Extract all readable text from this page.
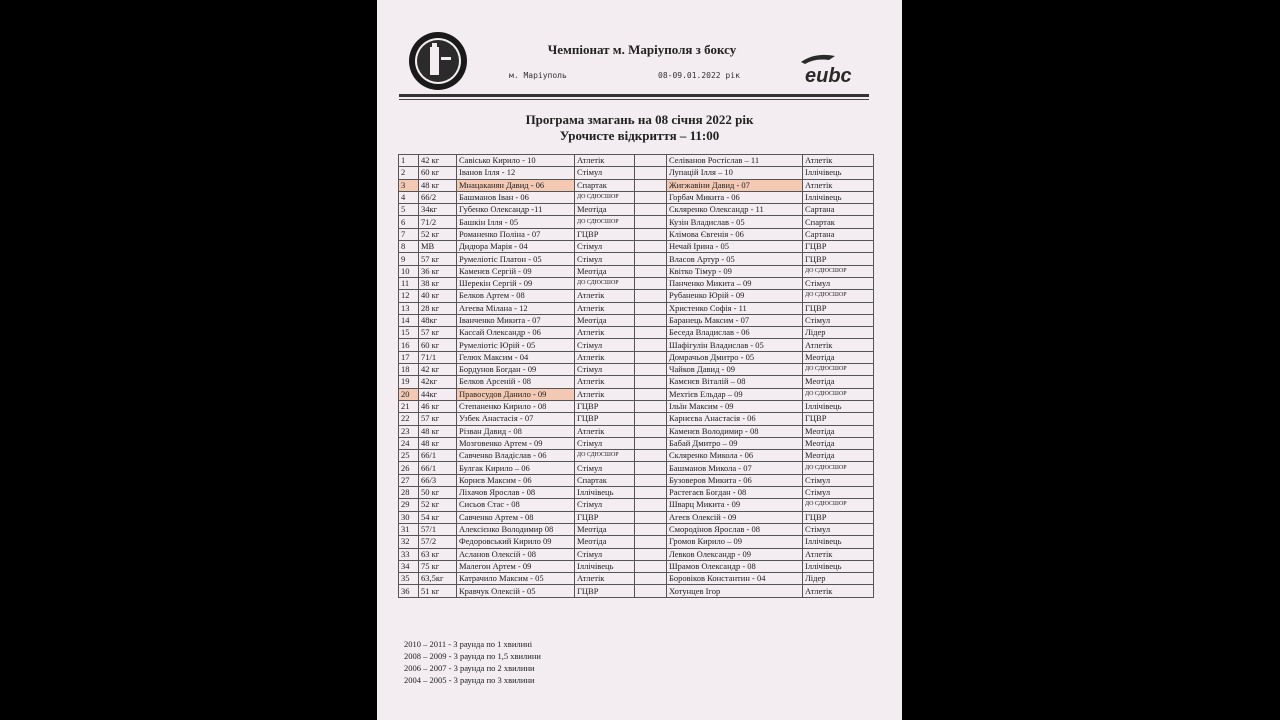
Чемпіонат м. Маріуполя з боксу
м. Маріуполь	08-09.01.2022 рік	eubc
Програма змагань на 08 січня 2022 рік
Урочисте відкриття – 11:00
1	42 кг	Савісько Кирило - 10	Атлетік		Селіванов Ростіслав – 11	Атлетік
2	60 кг	Іванов Ілля - 12	Стімул		Лупацій Ілля – 10	Іллічівець
3	48 кг	Мнацаканян Давид - 06	Спартак		Жигжавіни Давид - 07	Атлетік
4	66/2	Башманов Іван - 06	ДО СДЮСШОР		Горбач Микита - 06	Іллічівець
5	34кг	Губенко Олександр -11	Меотіда		Скляренко Олександр - 11	Сартана
6	71/2	Башкін Ілля - 05	ДО СДЮСШОР		Кузін Владислав - 05	Спартак
7	52 кг	Романенко Поліна - 07	ГЦВР		Клімова Євгенія - 06	Сартана
8	МВ	Дидюра Марія - 04	Стімул		Нечай Ірина - 05	ГЦВР
9	57 кг	Румеліотіс Платон - 05	Стімул		Власов Артур - 05	ГЦВР
10	36 кг	Каменєв Сергій - 09	Меотіда		Квітко Тімур - 09	ДО СДЮСШОР
11	38 кг	Шерекін Сергій - 09	ДО СДЮСШОР		Панченко Микита – 09	Стімул
12	40 кг	Белков Артем - 08	Атлетік		Рубаненко Юрій - 09	ДО СДЮСШОР
13	28 кг	Агеєва Мілана - 12	Атлетік		Христенко Софія - 11	ГЦВР
14	48кг	Іванченко Микита - 07	Меотіда		Баранець Максим - 07	Стімул
15	57 кг	Кассай Олександр - 06	Атлетік		Беседа Владислав - 06	Лідер
16	60 кг	Румеліотіс Юрій - 05	Стімул		Шафігулін Владислав - 05	Атлетік
17	71/1	Гелюх Максим - 04	Атлетік		Домрачьов Дмитро - 05	Меотіда
18	42 кг	Бордунов Богдан - 09	Стімул		Чайков Давид - 09	ДО СДЮСШОР
19	42кг	Белков Арсеній - 08	Атлетік		Камєнєв Віталій – 08	Меотіда
20	44кг	Правосудов Данило - 09	Атлетік		Мехтієв Ельдар – 09	ДО СДЮСШОР
21	46 кг	Степаненко Кирило - 08	ГЦВР		Ільїн Максим - 09	Іллічівець
22	57 кг	Узбек Анастасія - 07	ГЦВР		Карнєєва Анастасія - 06	ГЦВР
23	48 кг	Різван Давид - 08	Атлетік		Каменєв Володимир - 08	Меотіда
24	48 кг	Мозговенко Артем - 09	Стімул		Бабай Дмитро – 09	Меотіда
25	66/1	Савченко Владіслав - 06	ДО СДЮСШОР		Скляренко Микола - 06	Меотіда
26	66/1	Булгак Кирило – 06	Стімул		Башманов Микола - 07	ДО СДЮСШОР
27	66/3	Корнєв Максим - 06	Спартак		Бузоверов Микита - 06	Стімул
28	50 кг	Ліхачов Ярослав - 08	Іллічівець		Растегаєв Богдан - 08	Стімул
29	52 кг	Сисьов Стас - 08	Стімул		Шварц Микита - 09	ДО СДЮСШОР
30	54 кг	Савченко Артем - 08	ГЦВР		Агеєв Олексій - 09	ГЦВР
31	57/1	Алексієнко Володимир 08	Меотіда		Смородінов Ярослав - 08	Стімул
32	57/2	Федоровський Кирило 09	Меотіда		Громов Кирило – 09	Іллічівець
33	63 кг	Асланов Олексій - 08	Стімул		Левков Олександр - 09	Атлетік
34	75 кг	Малегон Артем - 09	Іллічівець		Шрамов Олександр - 08	Іллічівець
35	63,5кг	Катрачило Максим - 05	Атлетік		Боровіков Константин - 04	Лідер
36	51 кг	Кравчук Олексій - 05	ГЦВР		Хотунцев Ігор	Атлетік
2010 – 2011 - 3 раунда по 1 хвилині
2008 – 2009 - 3 раунда по 1,5 хвилини
2006 – 2007 - 3 раунда по 2 хвилини
2004 – 2005 - 3 раунда по 3 хвилини
